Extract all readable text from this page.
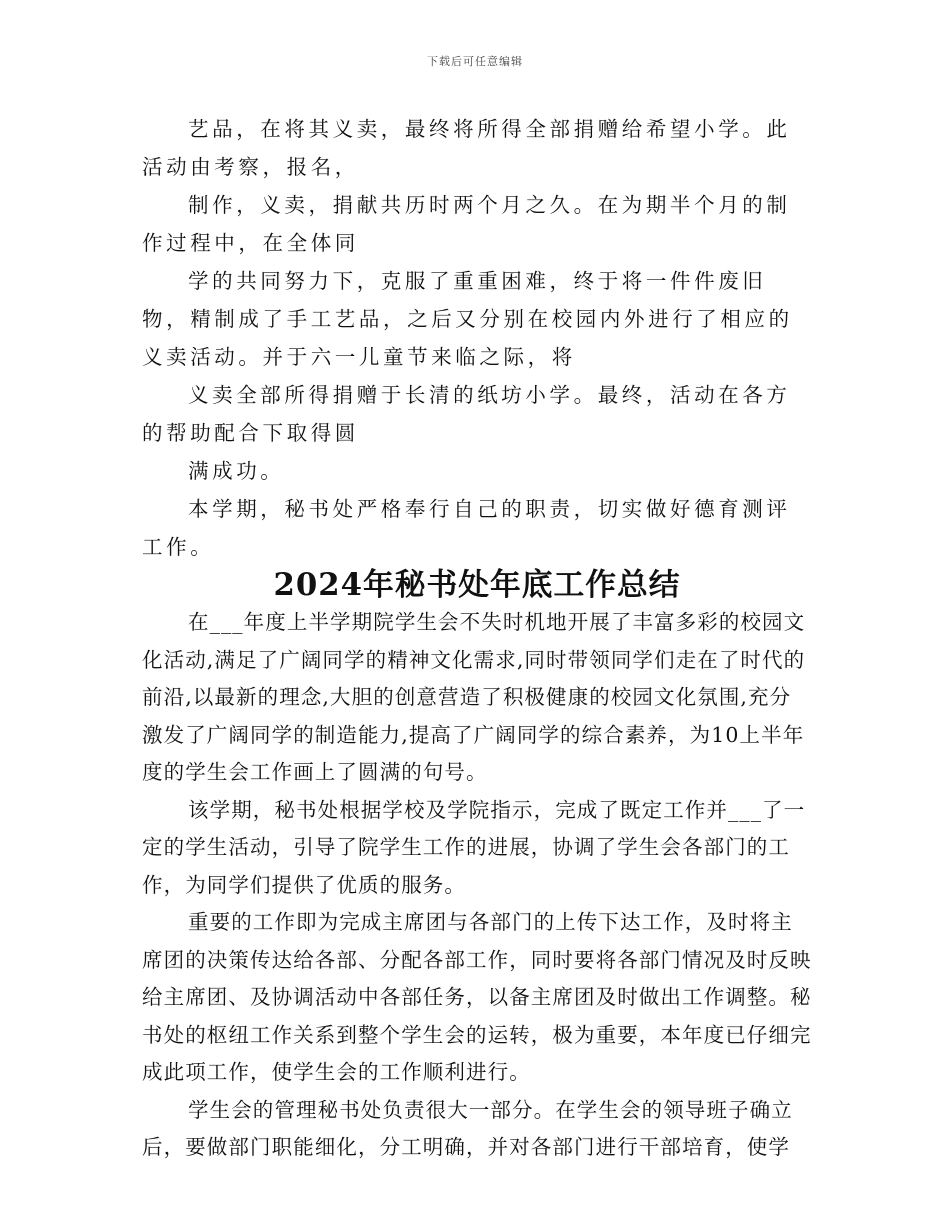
下载后可任意编辑

艺品，在将其义卖，最终将所得全部捐赠给希望小学。此活动由考察，报名，

制作，义卖，捐献共历时两个月之久。在为期半个月的制作过程中，在全体同

学的共同努力下，克服了重重困难，终于将一件件废旧物，精制成了手工艺品，之后又分别在校园内外进行了相应的义卖活动。并于六一儿童节来临之际，将

义卖全部所得捐赠于长清的纸坊小学。最终，活动在各方的帮助配合下取得圆

满成功。

本学期，秘书处严格奉行自己的职责，切实做好德育测评工作。

2024年秘书处年底工作总结

在___年度上半学期院学生会不失时机地开展了丰富多彩的校园文化活动,满足了广阔同学的精神文化需求,同时带领同学们走在了时代的前沿,以最新的理念,大胆的创意营造了积极健康的校园文化氛围,充分激发了广阔同学的制造能力,提高了广阔同学的综合素养，为10上半年度的学生会工作画上了圆满的句号。

该学期，秘书处根据学校及学院指示，完成了既定工作并___了一定的学生活动，引导了院学生工作的进展，协调了学生会各部门的工作，为同学们提供了优质的服务。

重要的工作即为完成主席团与各部门的上传下达工作，及时将主席团的决策传达给各部、分配各部工作，同时要将各部门情况及时反映给主席团、及协调活动中各部任务，以备主席团及时做出工作调整。秘书处的枢纽工作关系到整个学生会的运转，极为重要，本年度已仔细完成此项工作，使学生会的工作顺利进行。

学生会的管理秘书处负责很大一部分。在学生会的领导班子确立后，要做部门职能细化，分工明确，并对各部门进行干部培育，使学
